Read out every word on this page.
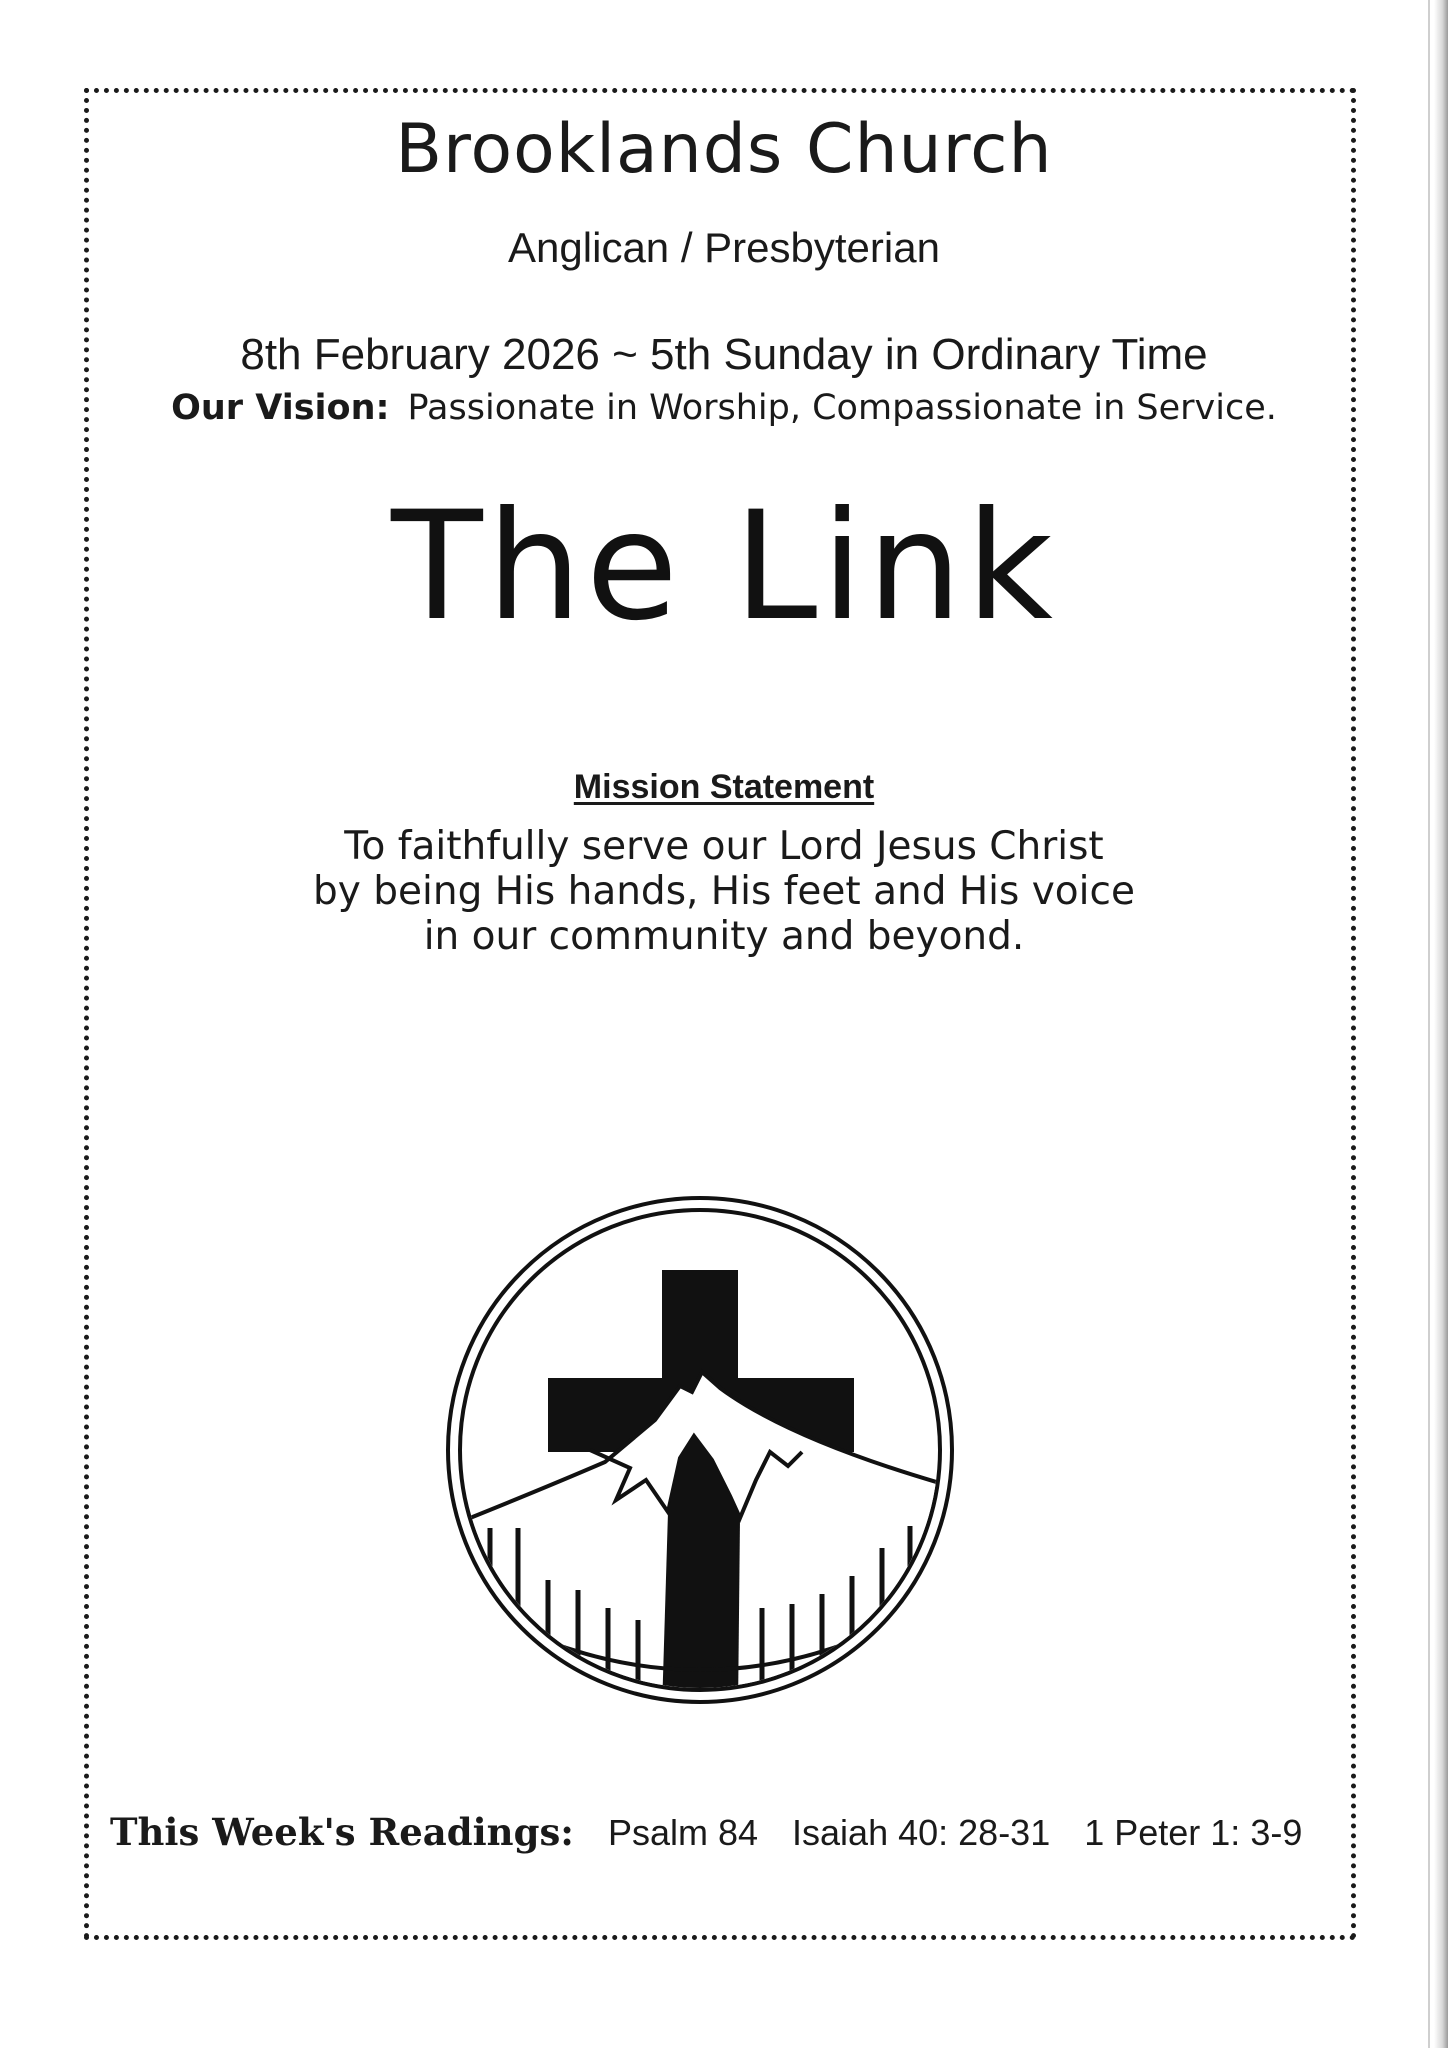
Brooklands Church
Anglican / Presbyterian
8th February 2026 ~ 5th Sunday in Ordinary Time
Our Vision: Passionate in Worship, Compassionate in Service.
The Link
Mission Statement
To faithfully serve our Lord Jesus Christ
by being His hands, His feet and His voice
in our community and beyond.
This Week's Readings: Psalm 84 Isaiah 40: 28-31 1 Peter 1: 3-9
